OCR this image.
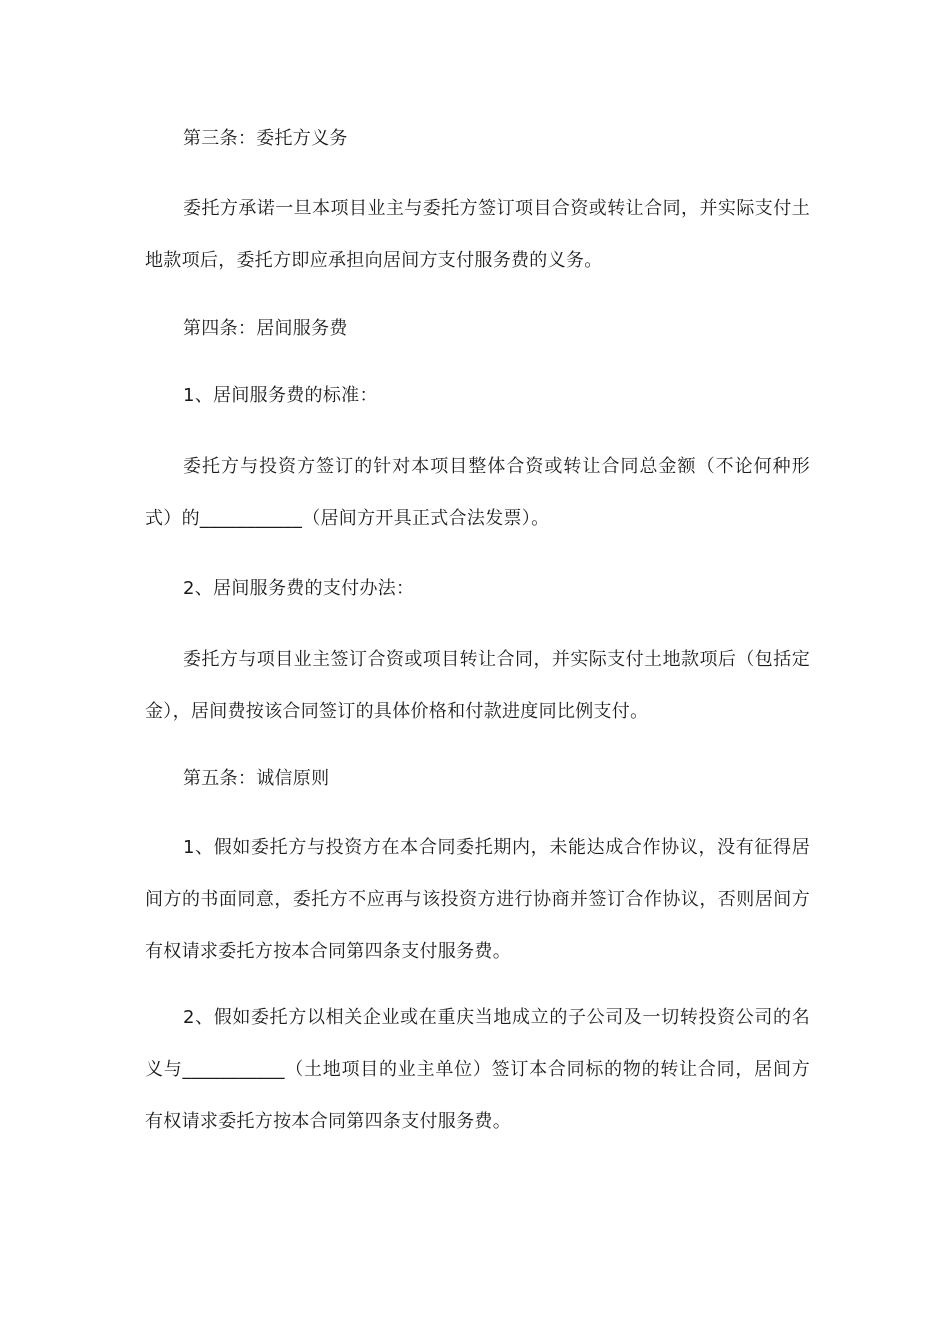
第三条：委托方义务

委托方承诺一旦本项目业主与委托方签订项目合资或转让合同，并实际支付土地款项后，委托方即应承担向居间方支付服务费的义务。

第四条：居间服务费

1、居间服务费的标准：

委托方与投资方签订的针对本项目整体合资或转让合同总金额（不论何种形式）的___________（居间方开具正式合法发票）。

2、居间服务费的支付办法：

委托方与项目业主签订合资或项目转让合同，并实际支付土地款项后（包括定金），居间费按该合同签订的具体价格和付款进度同比例支付。

第五条：诚信原则

1、假如委托方与投资方在本合同委托期内，未能达成合作协议，没有征得居间方的书面同意，委托方不应再与该投资方进行协商并签订合作协议，否则居间方有权请求委托方按本合同第四条支付服务费。

2、假如委托方以相关企业或在重庆当地成立的子公司及一切转投资公司的名义与___________（土地项目的业主单位）签订本合同标的物的转让合同，居间方有权请求委托方按本合同第四条支付服务费。
